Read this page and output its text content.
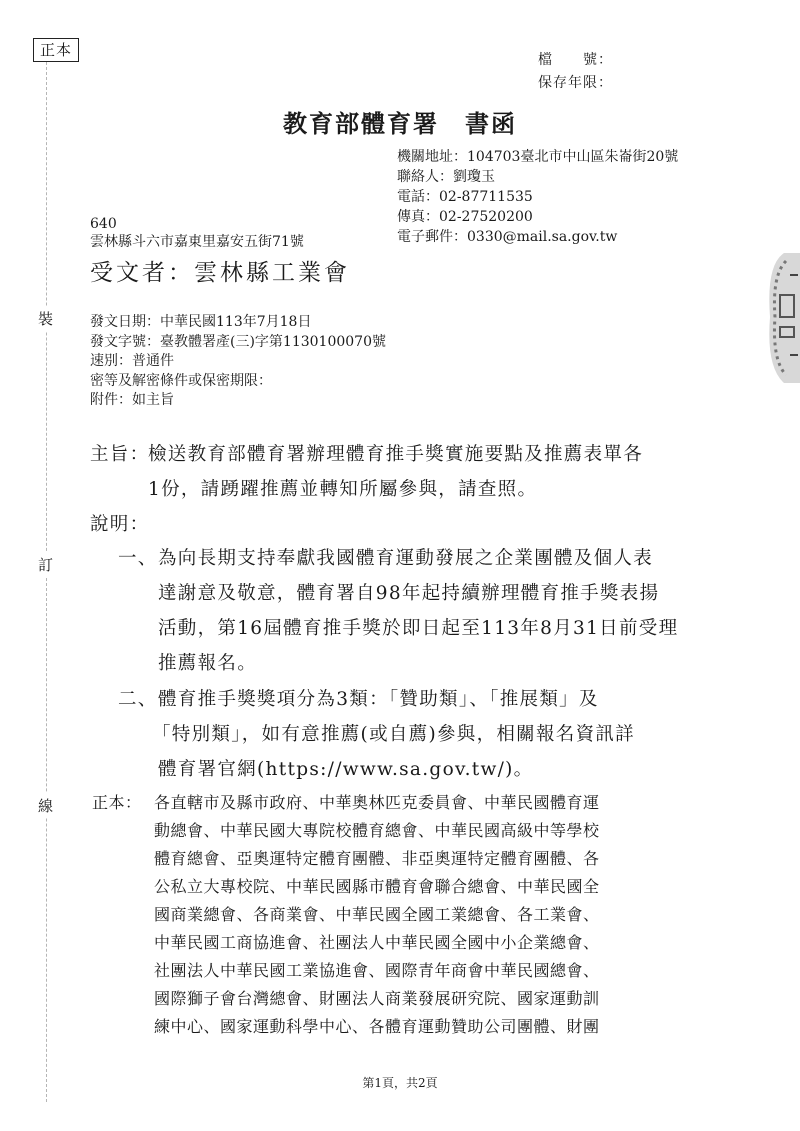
正本
裝
訂
線
檔　　號：
保存年限：
教育部體育署　書函
機關地址：104703臺北市中山區朱崙街20號
聯絡人：劉瓊玉
電話：02-87711535
傳真：02-27520200
電子郵件：0330@mail.sa.gov.tw
640
雲林縣斗六市嘉東里嘉安五街71號
受文者：雲林縣工業會
發文日期：中華民國113年7月18日
發文字號：臺教體署產(三)字第1130100070號
速別：普通件
密等及解密條件或保密期限：
附件：如主旨
主旨：
檢送教育部體育署辦理體育推手獎實施要點及推薦表單各
1份，請踴躍推薦並轉知所屬參與，請查照。
說明：
一、 為向長期支持奉獻我國體育運動發展之企業團體及個人表
達謝意及敬意，體育署自98年起持續辦理體育推手獎表揚
活動，第16屆體育推手獎於即日起至113年8月31日前受理
推薦報名。
二、 體育推手獎獎項分為3類：「贊助類」、「推展類」及
「特別類」，如有意推薦(或自薦)參與，相關報名資訊詳
體育署官網(https://www.sa.gov.tw/)。
正本： 各直轄市及縣市政府、中華奧林匹克委員會、中華民國體育運
動總會、中華民國大專院校體育總會、中華民國高級中等學校
體育總會、亞奧運特定體育團體、非亞奧運特定體育團體、各
公私立大專校院、中華民國縣市體育會聯合總會、中華民國全
國商業總會、各商業會、中華民國全國工業總會、各工業會、
中華民國工商協進會、社團法人中華民國全國中小企業總會、
社團法人中華民國工業協進會、國際青年商會中華民國總會、
國際獅子會台灣總會、財團法人商業發展研究院、國家運動訓
練中心、國家運動科學中心、各體育運動贊助公司團體、財團
第1頁，共2頁
